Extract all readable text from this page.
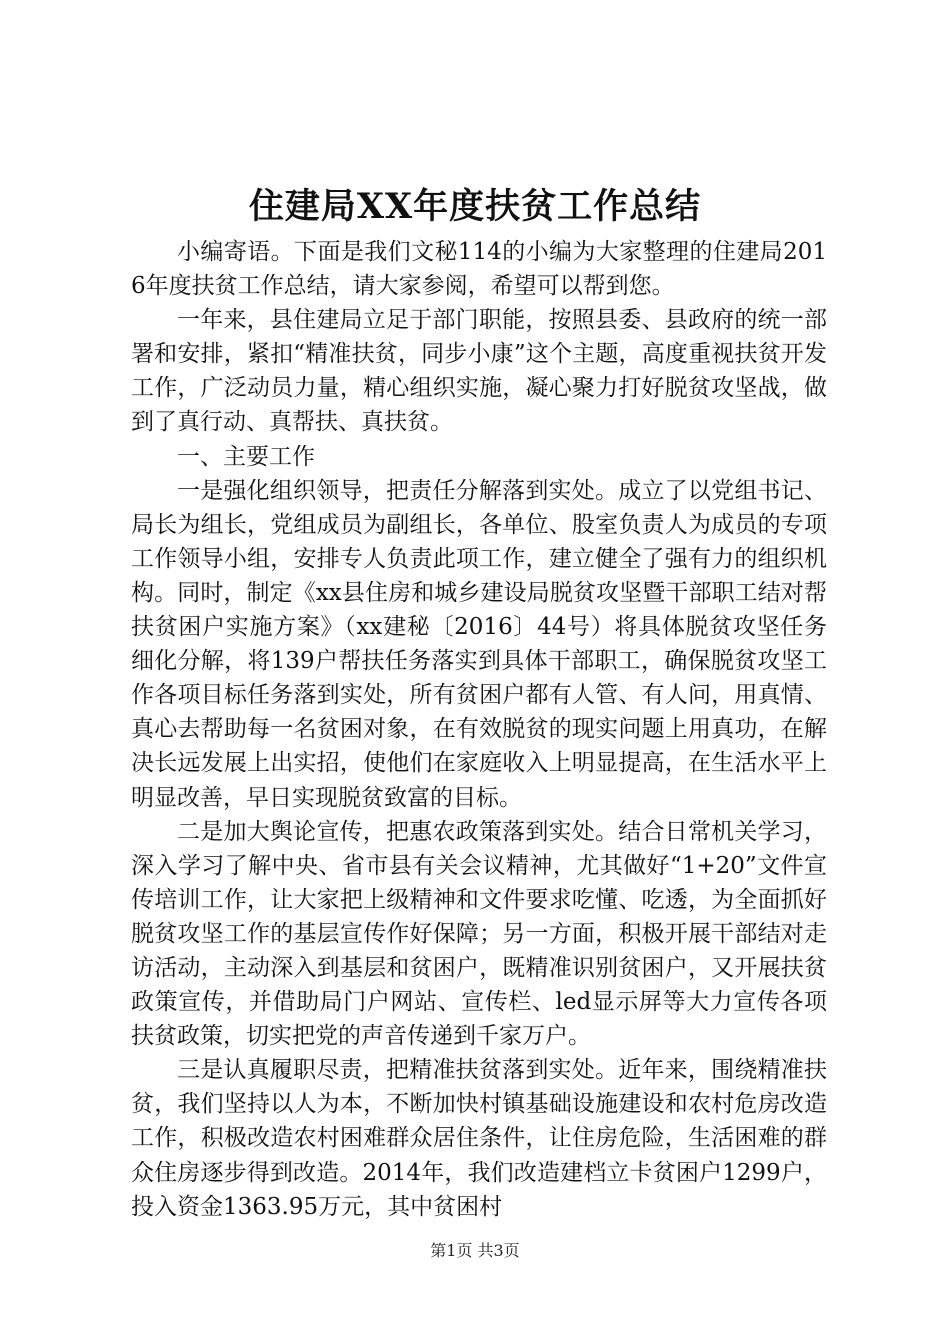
住建局XX年度扶贫工作总结

小编寄语。下面是我们文秘114的小编为大家整理的住建局2016年度扶贫工作总结，请大家参阅，希望可以帮到您。

一年来，县住建局立足于部门职能，按照县委、县政府的统一部署和安排，紧扣“精准扶贫，同步小康”这个主题，高度重视扶贫开发工作，广泛动员力量，精心组织实施，凝心聚力打好脱贫攻坚战，做到了真行动、真帮扶、真扶贫。

一、主要工作

一是强化组织领导，把责任分解落到实处。成立了以党组书记、局长为组长，党组成员为副组长，各单位、股室负责人为成员的专项工作领导小组，安排专人负责此项工作，建立健全了强有力的组织机构。同时，制定《xx县住房和城乡建设局脱贫攻坚暨干部职工结对帮扶贫困户实施方案》（xx建秘〔2016〕44号）将具体脱贫攻坚任务细化分解，将139户帮扶任务落实到具体干部职工，确保脱贫攻坚工作各项目标任务落到实处，所有贫困户都有人管、有人问，用真情、真心去帮助每一名贫困对象，在有效脱贫的现实问题上用真功，在解决长远发展上出实招，使他们在家庭收入上明显提高，在生活水平上明显改善，早日实现脱贫致富的目标。

二是加大舆论宣传，把惠农政策落到实处。结合日常机关学习，深入学习了解中央、省市县有关会议精神，尤其做好“1+20”文件宣传培训工作，让大家把上级精神和文件要求吃懂、吃透，为全面抓好脱贫攻坚工作的基层宣传作好保障；另一方面，积极开展干部结对走访活动，主动深入到基层和贫困户，既精准识别贫困户，又开展扶贫政策宣传，并借助局门户网站、宣传栏、led显示屏等大力宣传各项扶贫政策，切实把党的声音传递到千家万户。

三是认真履职尽责，把精准扶贫落到实处。近年来，围绕精准扶贫，我们坚持以人为本，不断加快村镇基础设施建设和农村危房改造工作，积极改造农村困难群众居住条件，让住房危险，生活困难的群众住房逐步得到改造。2014年，我们改造建档立卡贫困户1299户，投入资金1363.95万元，其中贫困村

第1页 共3页
